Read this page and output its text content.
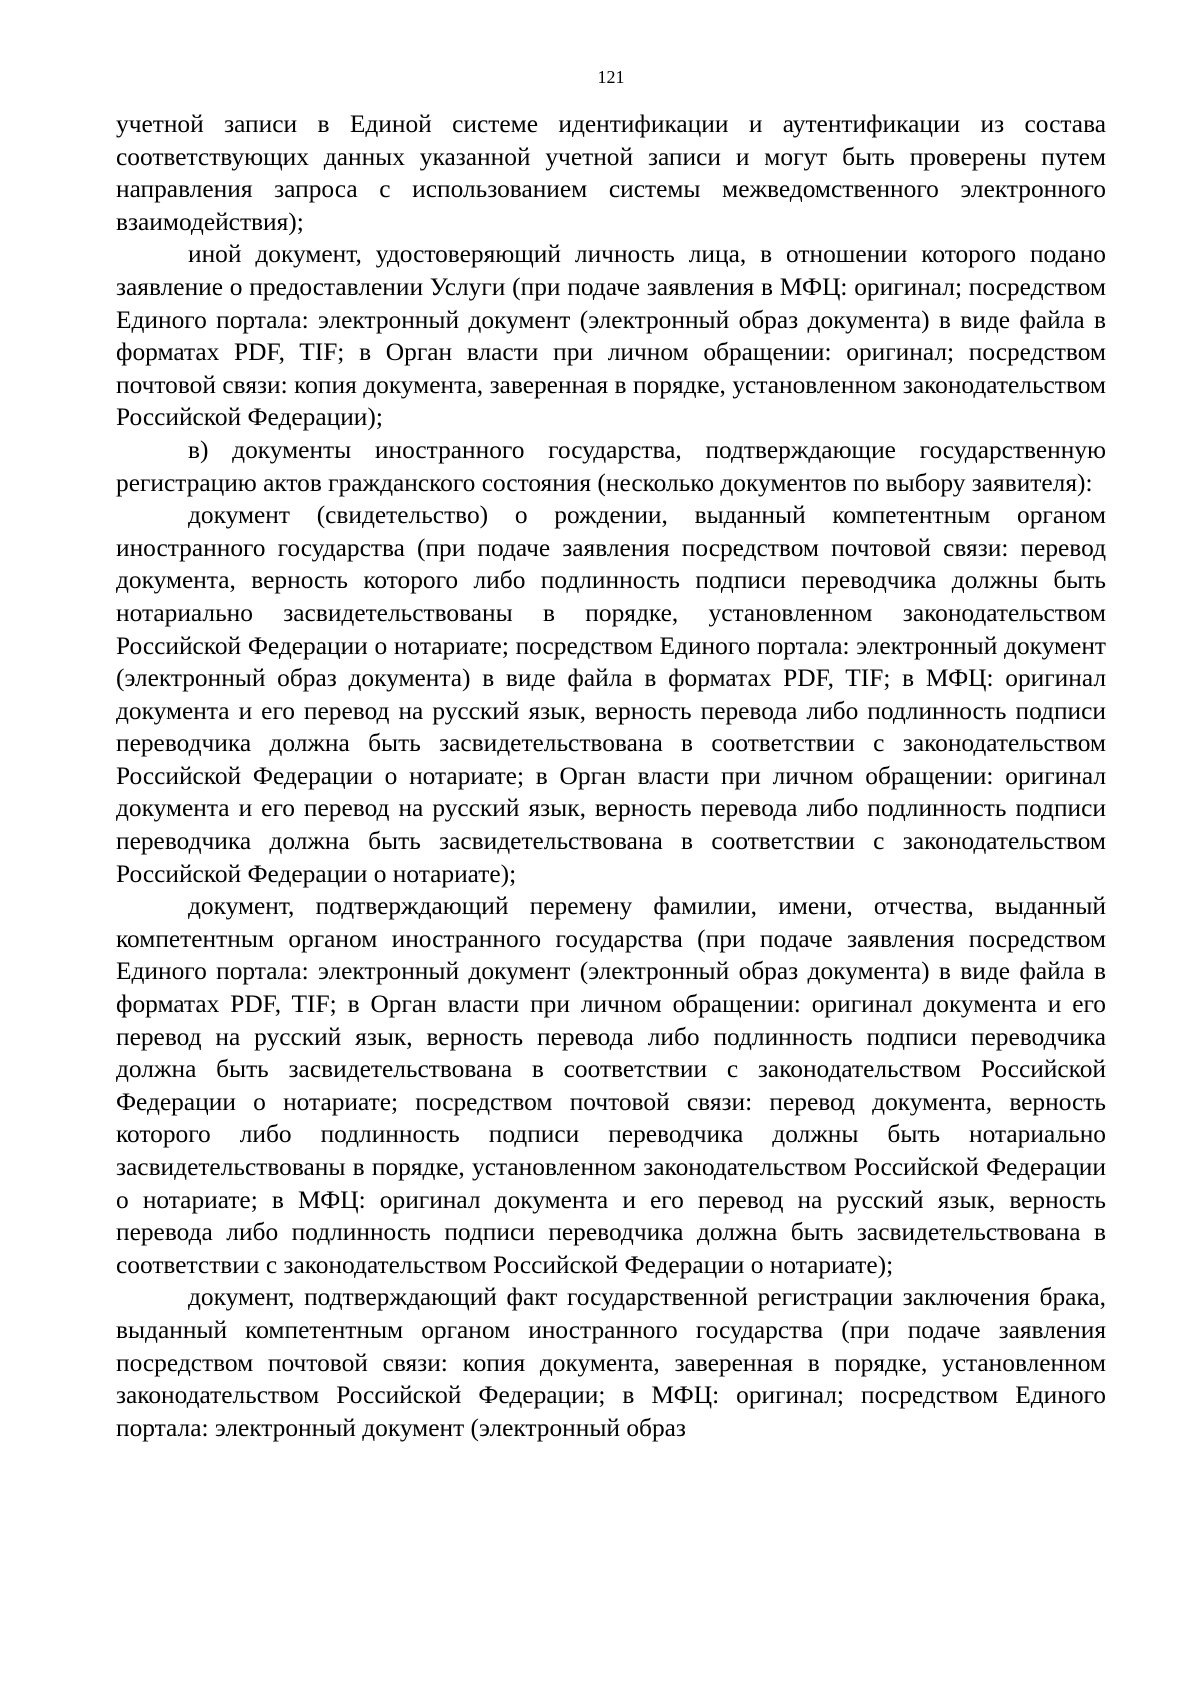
121

учетной записи в Единой системе идентификации и аутентификации из состава соответствующих данных указанной учетной записи и могут быть проверены путем направления запроса с использованием системы межведомственного электронного взаимодействия);

иной документ, удостоверяющий личность лица, в отношении которого подано заявление о предоставлении Услуги (при подаче заявления в МФЦ: оригинал; посредством Единого портала: электронный документ (электронный образ документа) в виде файла в форматах PDF, TIF; в Орган власти при личном обращении: оригинал; посредством почтовой связи: копия документа, заверенная в порядке, установленном законодательством Российской Федерации);

в) документы иностранного государства, подтверждающие государственную регистрацию актов гражданского состояния (несколько документов по выбору заявителя):

документ (свидетельство) о рождении, выданный компетентным органом иностранного государства (при подаче заявления посредством почтовой связи: перевод документа, верность которого либо подлинность подписи переводчика должны быть нотариально засвидетельствованы в порядке, установленном законодательством Российской Федерации о нотариате; посредством Единого портала: электронный документ (электронный образ документа) в виде файла в форматах PDF, TIF; в МФЦ: оригинал документа и его перевод на русский язык, верность перевода либо подлинность подписи переводчика должна быть засвидетельствована в соответствии с законодательством Российской Федерации о нотариате; в Орган власти при личном обращении: оригинал документа и его перевод на русский язык, верность перевода либо подлинность подписи переводчика должна быть засвидетельствована в соответствии с законодательством Российской Федерации о нотариате);

документ, подтверждающий перемену фамилии, имени, отчества, выданный компетентным органом иностранного государства (при подаче заявления посредством Единого портала: электронный документ (электронный образ документа) в виде файла в форматах PDF, TIF; в Орган власти при личном обращении: оригинал документа и его перевод на русский язык, верность перевода либо подлинность подписи переводчика должна быть засвидетельствована в соответствии с законодательством Российской Федерации о нотариате; посредством почтовой связи: перевод документа, верность которого либо подлинность подписи переводчика должны быть нотариально засвидетельствованы в порядке, установленном законодательством Российской Федерации о нотариате; в МФЦ: оригинал документа и его перевод на русский язык, верность перевода либо подлинность подписи переводчика должна быть засвидетельствована в соответствии с законодательством Российской Федерации о нотариате);

документ, подтверждающий факт государственной регистрации заключения брака, выданный компетентным органом иностранного государства (при подаче заявления посредством почтовой связи: копия документа, заверенная в порядке, установленном законодательством Российской Федерации; в МФЦ: оригинал; посредством Единого портала: электронный документ (электронный образ
